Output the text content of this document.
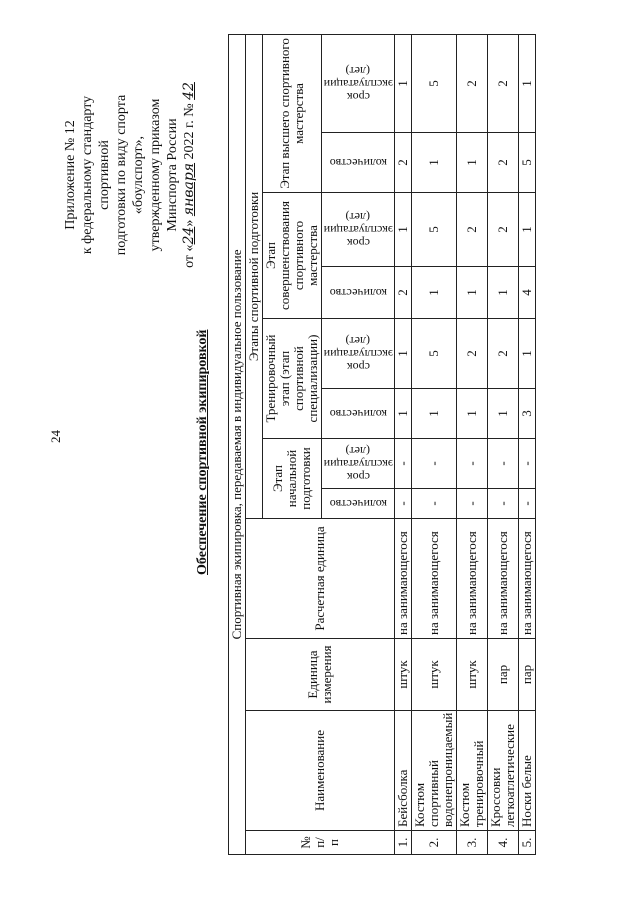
24
Приложение № 12 к федеральному стандарту спортивной подготовки по виду спорта «боулспорт», утвержденному приказом Минспорта России
от «24» января 2022 г. № 42
Обеспечение спортивной экипировкой Спортивная экипировка, передаваемая в индивидуальное пользование											
№ п/п	Наименование	Единица измерения	Расчетная единица	Этапы спортивной подготовки							
				Этап начальной подготовки		Тренировочный этап (этап спортивной специализации)		Этап совершенствования спортивного мастерства		Этап высшего спортивного мастерства	

				количество	срок эксплуатации (лет)	количество	срок эксплуатации (лет)	количество	срок эксплуатации (лет)	количество	срок эксплуатации (лет)

1.	Бейсболка	штук	на занимающегося	-	-	1	1	2	1	2	1
2.	Костюм спортивный водонепроницаемый	штук	на занимающегося	-	-	1	5	1	5	1	5
3.	Костюм тренировочный	штук	на занимающегося	-	-	1	2	1	2	1	2
4.	Кроссовки легкоатлетические	пар	на занимающегося	-	-	1	2	1	2	2	2
5.	Носки белые	пар	на занимающегося	-	-	3	1	4	1	5	1
